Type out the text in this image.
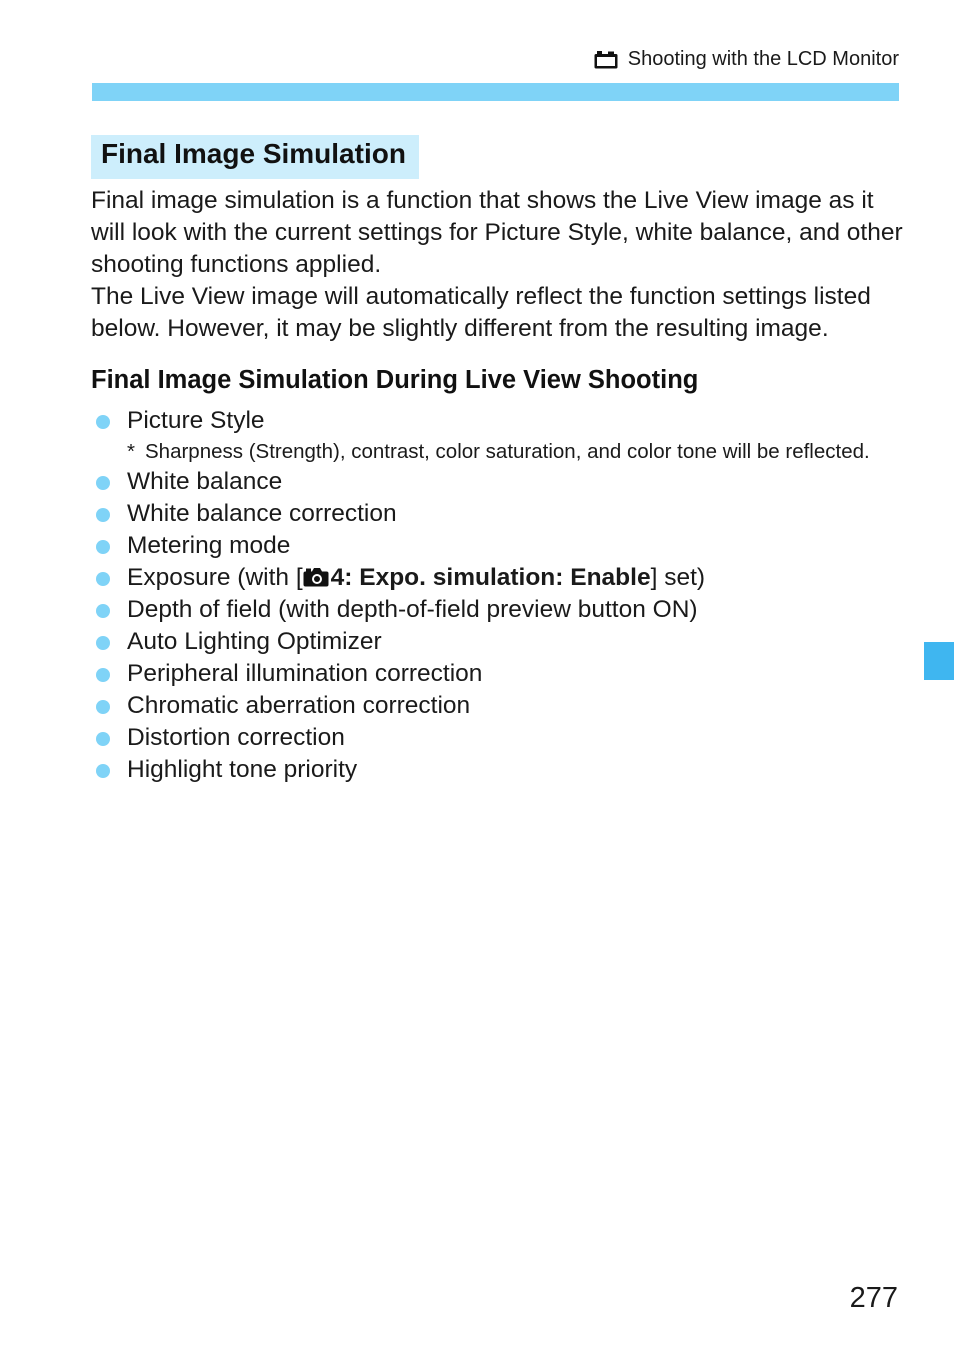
Shooting with the LCD Monitor
Final Image Simulation

Final image simulation is a function that shows the Live View image as it will look with the current settings for Picture Style, white balance, and other shooting functions applied.

The Live View image will automatically reflect the function settings listed below. However, it may be slightly different from the resulting image.

Final Image Simulation During Live View Shooting
Picture Style
* Sharpness (Strength), contrast, color saturation, and color tone will be reflected.
White balance
White balance correction
Metering mode
Exposure (with [ 4: Expo. simulation: Enable] set)
Depth of field (with depth-of-field preview button ON)
Auto Lighting Optimizer
Peripheral illumination correction
Chromatic aberration correction
Distortion correction
Highlight tone priority
277
